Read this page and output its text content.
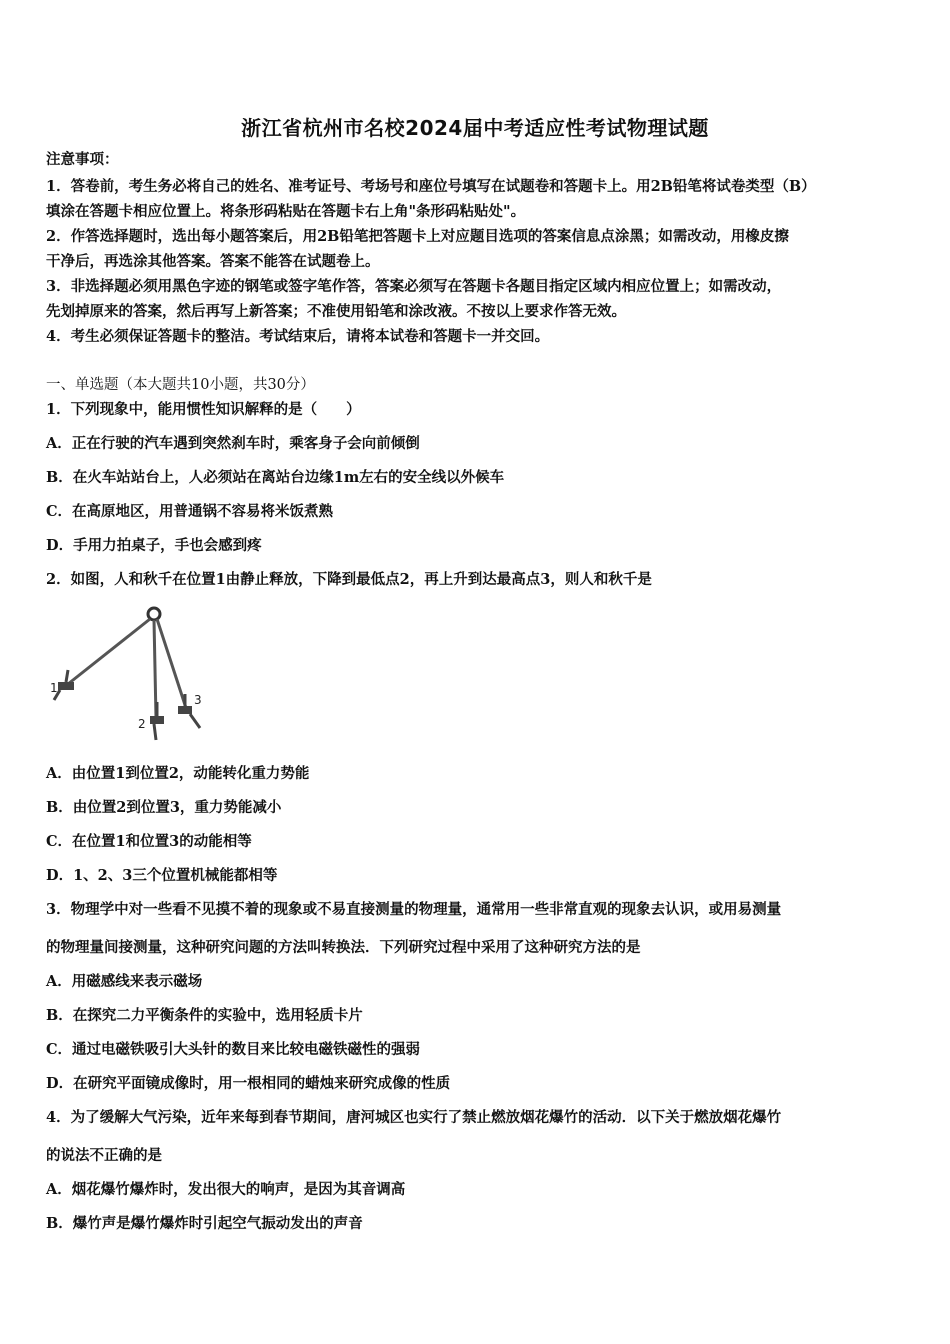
浙江省杭州市名校2024届中考适应性考试物理试题
注意事项：
1．答卷前，考生务必将自己的姓名、准考证号、考场号和座位号填写在试题卷和答题卡上。用2B铅笔将试卷类型（B）
填涂在答题卡相应位置上。将条形码粘贴在答题卡右上角"条形码粘贴处"。
2．作答选择题时，选出每小题答案后，用2B铅笔把答题卡上对应题目选项的答案信息点涂黑；如需改动，用橡皮擦
干净后，再选涂其他答案。答案不能答在试题卷上。
3．非选择题必须用黑色字迹的钢笔或签字笔作答，答案必须写在答题卡各题目指定区域内相应位置上；如需改动，
先划掉原来的答案，然后再写上新答案；不准使用铅笔和涂改液。不按以上要求作答无效。
4．考生必须保证答题卡的整洁。考试结束后，请将本试卷和答题卡一并交回。
一、单选题（本大题共10小题，共30分）
1．下列现象中，能用惯性知识解释的是（　　）
A．正在行驶的汽车遇到突然刹车时，乘客身子会向前倾倒
B．在火车站站台上，人必须站在离站台边缘1m左右的安全线以外候车
C．在高原地区，用普通锅不容易将米饭煮熟
D．手用力拍桌子，手也会感到疼
2．如图，人和秋千在位置1由静止释放，下降到最低点2，再上升到达最高点3，则人和秋千是
1
2
3
A．由位置1到位置2，动能转化重力势能
B．由位置2到位置3，重力势能减小
C．在位置1和位置3的动能相等
D．1、2、3三个位置机械能都相等
3．物理学中对一些看不见摸不着的现象或不易直接测量的物理量，通常用一些非常直观的现象去认识，或用易测量
的物理量间接测量，这种研究问题的方法叫转换法．下列研究过程中采用了这种研究方法的是
A．用磁感线来表示磁场
B．在探究二力平衡条件的实验中，选用轻质卡片
C．通过电磁铁吸引大头针的数目来比较电磁铁磁性的强弱
D．在研究平面镜成像时，用一根相同的蜡烛来研究成像的性质
4．为了缓解大气污染，近年来每到春节期间，唐河城区也实行了禁止燃放烟花爆竹的活动．以下关于燃放烟花爆竹
的说法不正确的是
A．烟花爆竹爆炸时，发出很大的响声，是因为其音调高
B．爆竹声是爆竹爆炸时引起空气振动发出的声音
